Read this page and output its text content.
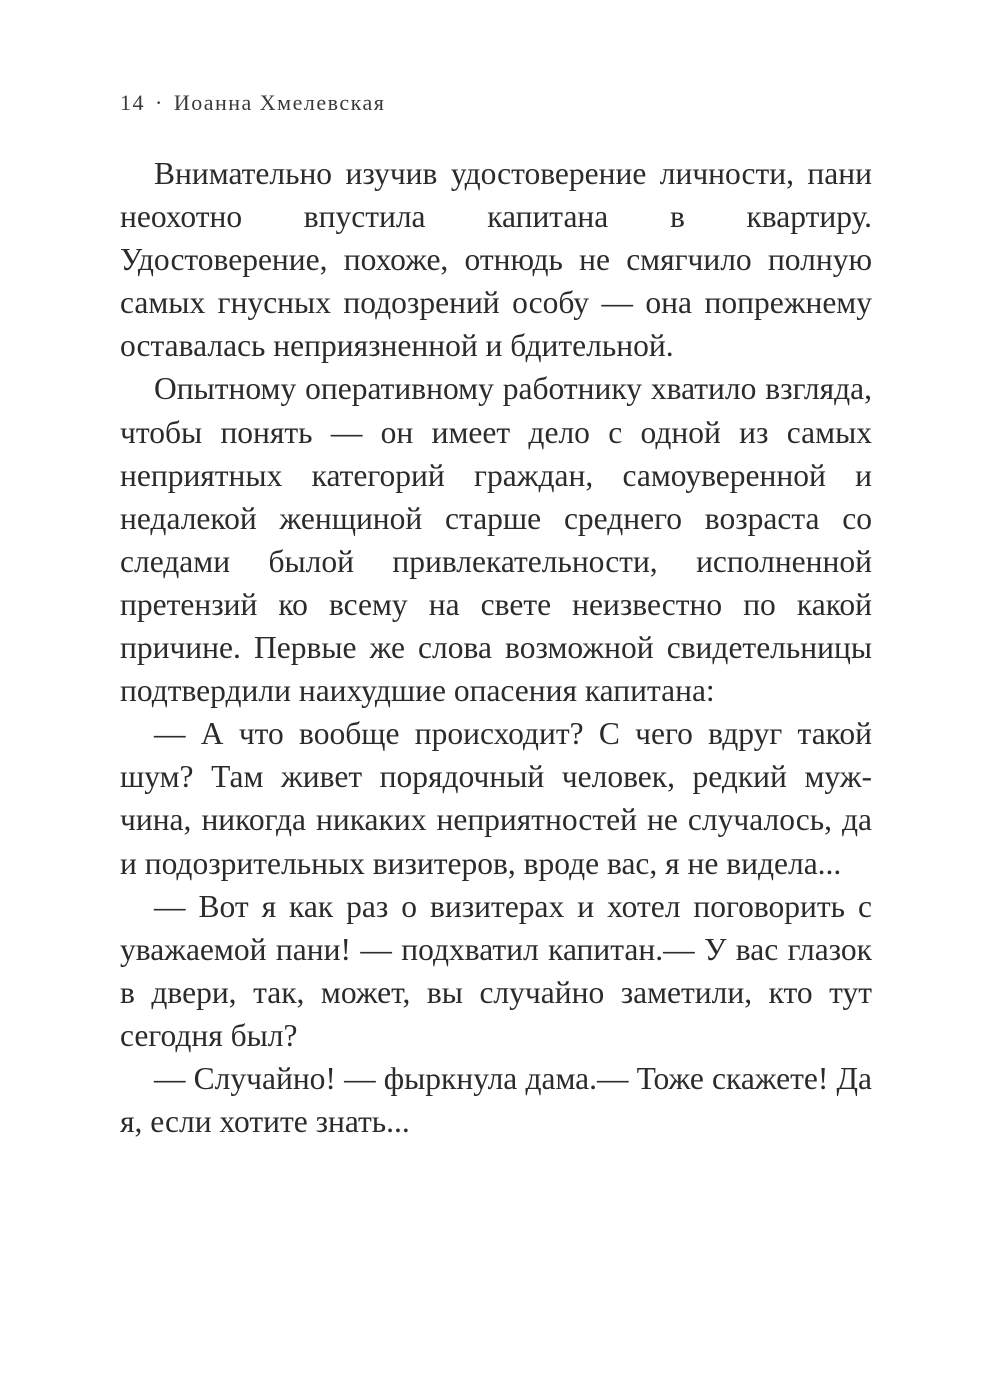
14 · Иоанна Хмелевская

Внимательно изучив удостоверение личности, пани неохотно впустила капитана в квартиру. Удостоверение, похоже, отнюдь не смягчило полную самых гнусных подозрений особу — она попрежнему оставалась неприязненной и бдительной.

Опытному оперативному работнику хватило взгляда, чтобы понять — он имеет дело с одной из самых неприятных категорий граждан, самоуверенной и недалекой женщиной старше среднего возраста со следами былой привлекательности, исполненной претензий ко всему на свете неизвестно по какой причине. Первые же слова возможной свидетельницы подтвердили наихудшие опасения капитана:

— А что вообще происходит? С чего вдруг такой шум? Там живет порядочный человек, редкий мужчина, никогда никаких неприятностей не случалось, да и подозрительных визитеров, вроде вас, я не видела...

— Вот я как раз о визитерах и хотел поговорить с уважаемой пани! — подхватил капитан.— У вас глазок в двери, так, может, вы случайно заметили, кто тут сегодня был?

— Случайно! — фыркнула дама.— Тоже скажете! Да я, если хотите знать...
